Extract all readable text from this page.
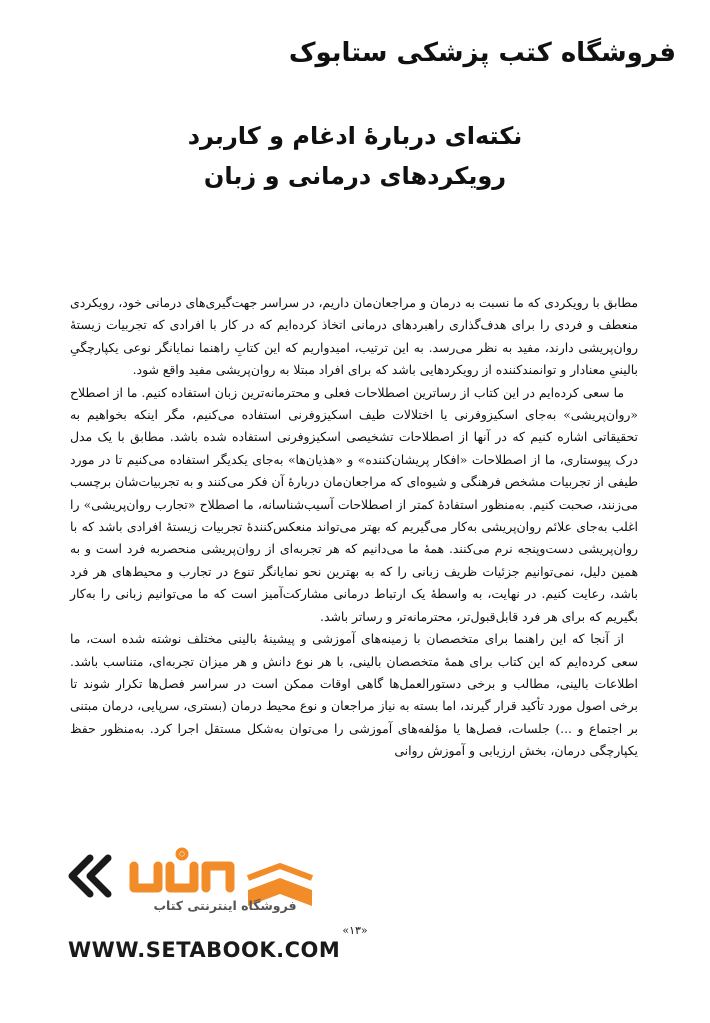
فروشگاه کتب پزشکی ستابوک
نکته‌ای دربارۀ ادغام و کاربرد
رویکردهای درمانی و زبان

مطابق با رویکردی که ما نسبت به درمان و مراجعان‌مان داریم، در سراسر جهت‌گیری‌های درمانی خود، رویکردی منعطف و فردی را برای هدف‌گذاری راهبردهای درمانی اتخاذ کرده‌ایم که در کار با افرادی که تجربیات زیستۀ روان‌پریشی دارند، مفید به نظر می‌رسد. به این ترتیب، امیدواریم که این کتابِ راهنما نمایانگر نوعی یکپارچگیِ بالینیِ معنادار و توانمندکننده از رویکردهایی باشد که برای افراد مبتلا به روان‌پریشی مفید واقع شود.

ما سعی کرده‌ایم در این کتاب از رساترین اصطلاحات فعلی و محترمانه‌ترین زبان استفاده کنیم. ما از اصطلاح «روان‌پریشی» به‌جای اسکیزوفرنی یا اختلالات طیف اسکیزوفرنی استفاده می‌کنیم، مگر اینکه بخواهیم به تحقیقاتی اشاره کنیم که در آنها از اصطلاحات تشخیصی اسکیزوفرنی استفاده شده باشد. مطابق با یک مدل درک پیوستاری، ما از اصطلاحات «افکار پریشان‌کننده» و «هذیان‌ها» به‌جای یکدیگر استفاده می‌کنیم تا در مورد طیفی از تجربیات مشخص فرهنگی و شیوه‌ای که مراجعان‌مان دربارۀ آن فکر می‌کنند و به تجربیات‌شان برچسب می‌زنند، صحبت کنیم. به‌منظور استفادۀ کمتر از اصطلاحات آسیب‌شناسانه، ما اصطلاح «تجارب روان‌پریشی» را اغلب به‌جای علائم روان‌پریشی به‌کار می‌گیریم که بهتر می‌تواند منعکس‌کنندۀ تجربیات زیستۀ افرادی باشد که با روان‌پریشی دست‌وپنجه نرم می‌کنند. همۀ ما می‌دانیم که هر تجربه‌ای از روان‌پریشی منحصربه فرد است و به همین دلیل، نمی‌توانیم جزئیات ظریف زبانی را که به بهترین نحو نمایانگر تنوع در تجارب و محیط‌های هر فرد باشد، رعایت کنیم. در نهایت، به واسطۀ یک ارتباط درمانی مشارکت‌آمیز است که ما می‌توانیم زبانی را به‌کار بگیریم که برای هر فرد قابل‌قبول‌تر، محترمانه‌تر و رساتر باشد.

از آنجا که این راهنما برای متخصصان با زمینه‌های آموزشی و پیشینۀ بالینی مختلف نوشته شده است، ما سعی کرده‌ایم که این کتاب برای همۀ متخصصان بالینی، با هر نوع دانش و هر میزان تجربه‌ای، متناسب باشد. اطلاعات بالینی، مطالب و برخی دستورالعمل‌ها گاهی اوقات ممکن است در سراسر فصل‌ها تکرار شوند تا برخی اصول مورد تأکید قرار گیرند، اما بسته به نیاز مراجعان و نوع محیط درمان (بستری، سرپایی، درمان مبتنی بر اجتماع و ...) جلسات، فصل‌ها یا مؤلفه‌های آموزشی را می‌توان به‌شکل مستقل اجرا کرد. به‌منظور حفظ یکپارچگی درمان، بخش ارزیابی و آموزش روانی

فروشگاه اینترنتی کتاب
WWW.SETABOOK.COM
«۱۳»
